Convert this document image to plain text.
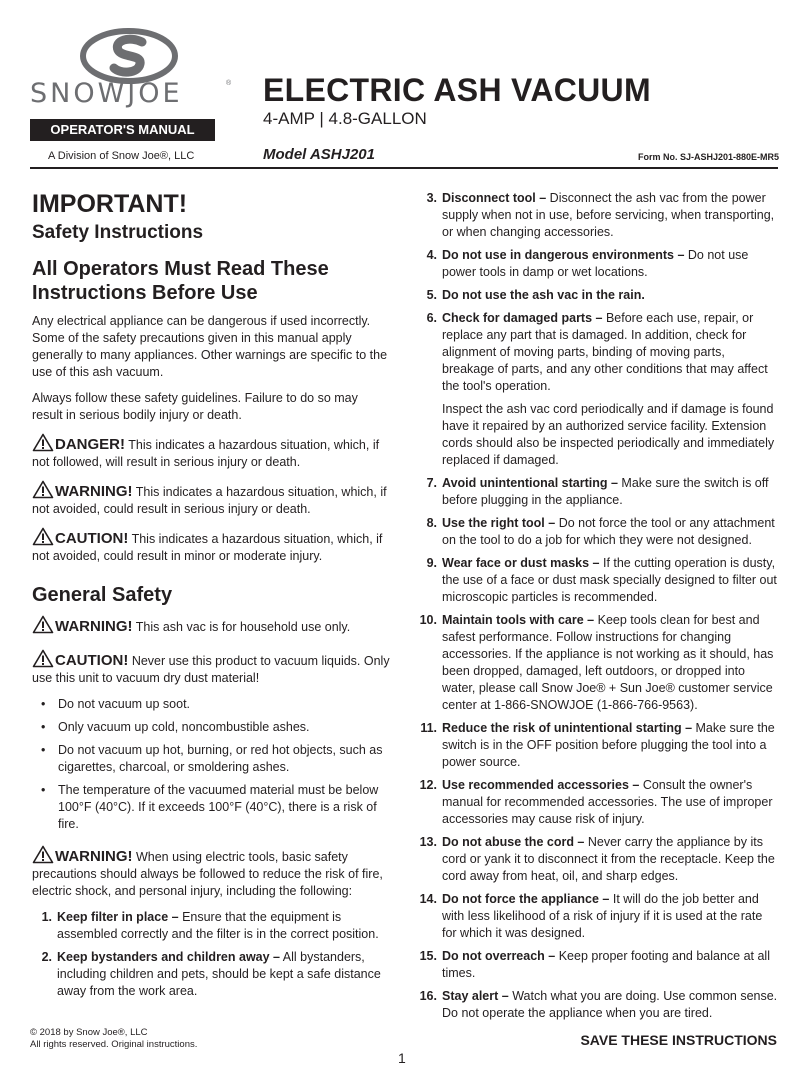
SNOWJOE	®
OPERATOR'S MANUAL
A Division of Snow Joe®, LLC
ELECTRIC ASH VACUUM
4-AMP | 4.8-GALLON
Model ASHJ201	Form No. SJ-ASHJ201-880E-MR5
IMPORTANT!
Safety Instructions
All Operators Must Read These Instructions Before Use

Any electrical appliance can be dangerous if used incorrectly. Some of the safety precautions given in this manual apply generally to many appliances. Other warnings are specific to the use of this ash vacuum.

Always follow these safety guidelines. Failure to do so may result in serious bodily injury or death.

DANGER! This indicates a hazardous situation, which, if not followed, will result in serious injury or death.
WARNING! This indicates a hazardous situation, which, if not avoided, could result in serious injury or death.
CAUTION! This indicates a hazardous situation, which, if not avoided, could result in minor or moderate injury.
General Safety
WARNING! This ash vac is for household use only.
CAUTION! Never use this product to vacuum liquids. Only use this unit to vacuum dry dust material!
• Do not vacuum up soot.
• Only vacuum up cold, noncombustible ashes.
• Do not vacuum up hot, burning, or red hot objects, such as cigarettes, charcoal, or smoldering ashes.
• The temperature of the vacuumed material must be below 100°F (40°C). If it exceeds 100°F (40°C), there is a risk of fire.
WARNING! When using electric tools, basic safety precautions should always be followed to reduce the risk of fire, electric shock, and personal injury, including the following:
1. Keep filter in place – Ensure that the equipment is assembled correctly and the filter is in the correct position.
2. Keep bystanders and children away – All bystanders, including children and pets, should be kept a safe distance away from the work area.
3. Disconnect tool – Disconnect the ash vac from the power supply when not in use, before servicing, when transporting, or when changing accessories.
4. Do not use in dangerous environments – Do not use power tools in damp or wet locations.
5. Do not use the ash vac in the rain.
6. Check for damaged parts – Before each use, repair, or replace any part that is damaged. In addition, check for alignment of moving parts, binding of moving parts, breakage of parts, and any other conditions that may affect the tool's operation.
Inspect the ash vac cord periodically and if damage is found have it repaired by an authorized service facility. Extension cords should also be inspected periodically and immediately replaced if damaged.
7. Avoid unintentional starting – Make sure the switch is off before plugging in the appliance.
8. Use the right tool – Do not force the tool or any attachment on the tool to do a job for which they were not designed.
9. Wear face or dust masks – If the cutting operation is dusty, the use of a face or dust mask specially designed to filter out microscopic particles is recommended.
10. Maintain tools with care – Keep tools clean for best and safest performance. Follow instructions for changing accessories. If the appliance is not working as it should, has been dropped, damaged, left outdoors, or dropped into water, please call Snow Joe® + Sun Joe® customer service center at 1-866-SNOWJOE (1-866-766-9563).
11. Reduce the risk of unintentional starting – Make sure the switch is in the OFF position before plugging the tool into a power source.
12. Use recommended accessories – Consult the owner's manual for recommended accessories. The use of improper accessories may cause risk of injury.
13. Do not abuse the cord – Never carry the appliance by its cord or yank it to disconnect it from the receptacle. Keep the cord away from heat, oil, and sharp edges.
14. Do not force the appliance – It will do the job better and with less likelihood of a risk of injury if it is used at the rate for which it was designed.
15. Do not overreach – Keep proper footing and balance at all times.
16. Stay alert – Watch what you are doing. Use common sense. Do not operate the appliance when you are tired.
© 2018 by Snow Joe®, LLC
All rights reserved. Original instructions.	SAVE THESE INSTRUCTIONS
1
